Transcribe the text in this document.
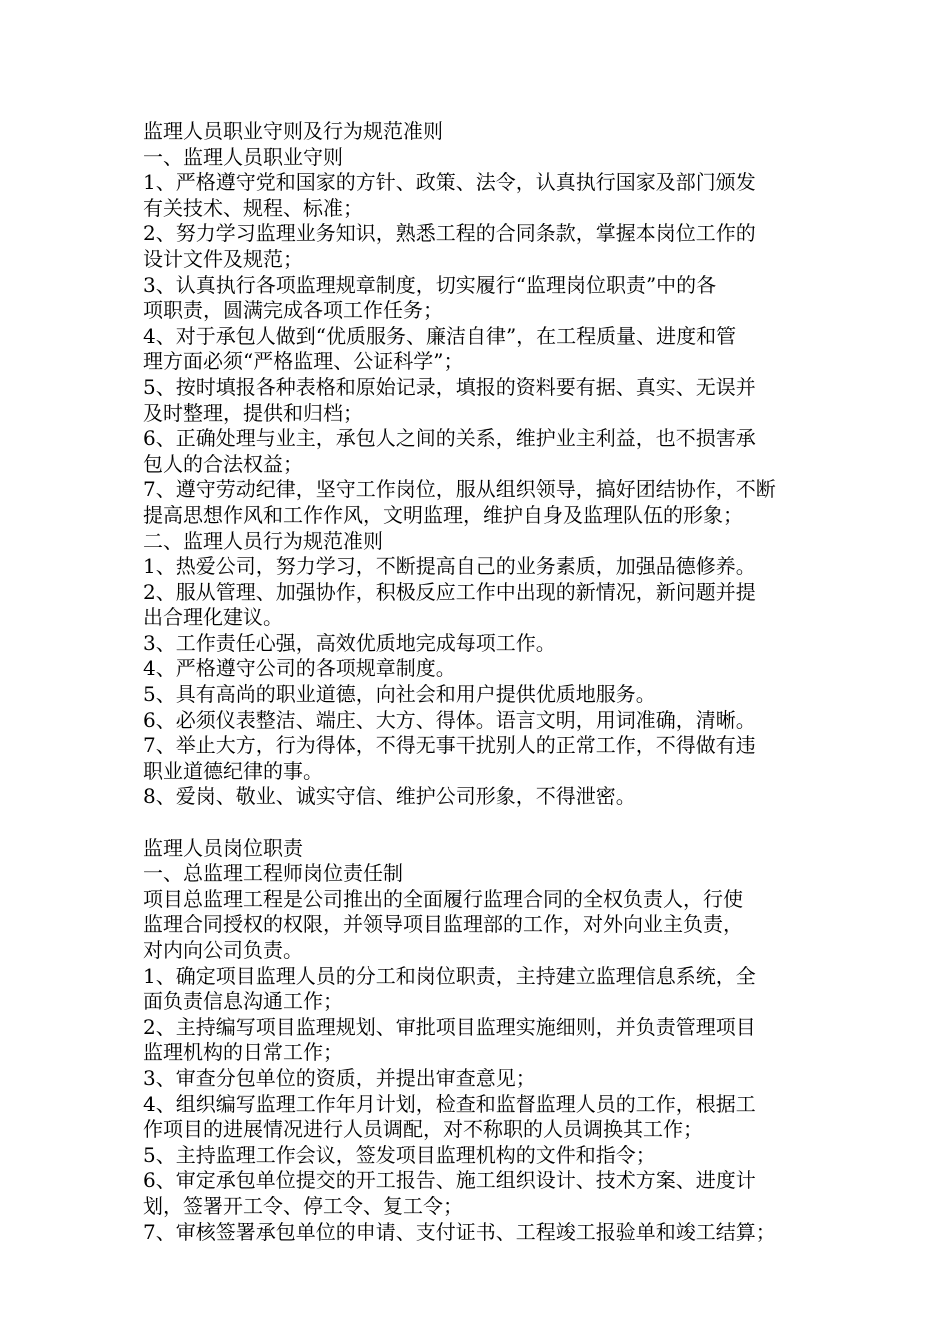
监理人员职业守则及行为规范准则
一、监理人员职业守则
1、严格遵守党和国家的方针、政策、法令，认真执行国家及部门颁发
有关技术、规程、标准；
2、努力学习监理业务知识，熟悉工程的合同条款，掌握本岗位工作的
设计文件及规范；
3、认真执行各项监理规章制度，切实履行“监理岗位职责”中的各
项职责，圆满完成各项工作任务；
4、对于承包人做到“优质服务、廉洁自律”，在工程质量、进度和管
理方面必须“严格监理、公证科学”；
5、按时填报各种表格和原始记录，填报的资料要有据、真实、无误并
及时整理，提供和归档；
6、正确处理与业主，承包人之间的关系，维护业主利益，也不损害承
包人的合法权益；
7、遵守劳动纪律，坚守工作岗位，服从组织领导，搞好团结协作，不断
提高思想作风和工作作风，文明监理，维护自身及监理队伍的形象；
二、监理人员行为规范准则
1、热爱公司，努力学习，不断提高自己的业务素质，加强品德修养。
2、服从管理、加强协作，积极反应工作中出现的新情况，新问题并提
出合理化建议。
3、工作责任心强，高效优质地完成每项工作。
4、严格遵守公司的各项规章制度。
5、具有高尚的职业道德，向社会和用户提供优质地服务。
6、必须仪表整洁、端庄、大方、得体。语言文明，用词准确，清晰。
7、举止大方，行为得体，不得无事干扰别人的正常工作，不得做有违
职业道德纪律的事。
8、爱岗、敬业、诚实守信、维护公司形象，不得泄密。
监理人员岗位职责
一、总监理工程师岗位责任制
项目总监理工程是公司推出的全面履行监理合同的全权负责人，行使
监理合同授权的权限，并领导项目监理部的工作，对外向业主负责，
对内向公司负责。
1、确定项目监理人员的分工和岗位职责，主持建立监理信息系统，全
面负责信息沟通工作；
2、主持编写项目监理规划、审批项目监理实施细则，并负责管理项目
监理机构的日常工作；
3、审查分包单位的资质，并提出审查意见；
4、组织编写监理工作年月计划，检查和监督监理人员的工作，根据工
作项目的进展情况进行人员调配，对不称职的人员调换其工作；
5、主持监理工作会议，签发项目监理机构的文件和指令；
6、审定承包单位提交的开工报告、施工组织设计、技术方案、进度计
划，签署开工令、停工令、复工令；
7、审核签署承包单位的申请、支付证书、工程竣工报验单和竣工结算；
